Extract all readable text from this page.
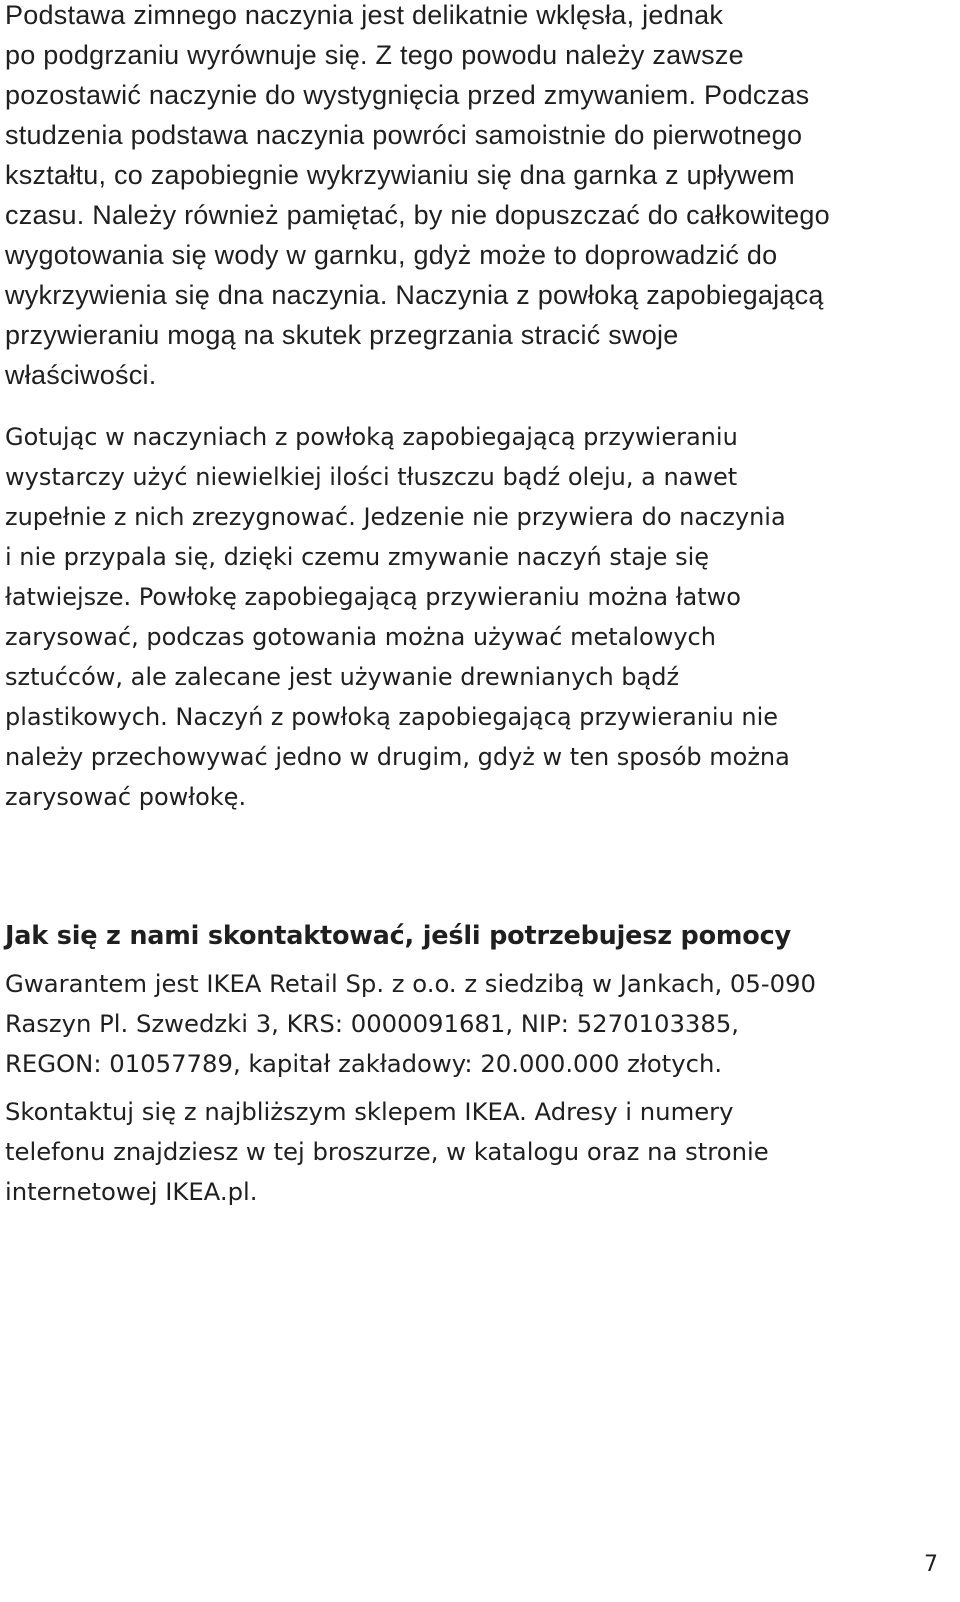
Podstawa zimnego naczynia jest delikatnie wklęsła, jednak
po podgrzaniu wyrównuje się. Z tego powodu należy zawsze
pozostawić naczynie do wystygnięcia przed zmywaniem. Podczas
studzenia podstawa naczynia powróci samoistnie do pierwotnego
kształtu, co zapobiegnie wykrzywianiu się dna garnka z upływem
czasu. Należy również pamiętać, by nie dopuszczać do całkowitego
wygotowania się wody w garnku, gdyż może to doprowadzić do
wykrzywienia się dna naczynia. Naczynia z powłoką zapobiegającą
przywieraniu mogą na skutek przegrzania stracić swoje
właściwości.

Gotując w naczyniach z powłoką zapobiegającą przywieraniu
wystarczy użyć niewielkiej ilości tłuszczu bądź oleju, a nawet
zupełnie z nich zrezygnować. Jedzenie nie przywiera do naczynia
i nie przypala się, dzięki czemu zmywanie naczyń staje się
łatwiejsze. Powłokę zapobiegającą przywieraniu można łatwo
zarysować, podczas gotowania można używać metalowych
sztućców, ale zalecane jest używanie drewnianych bądź
plastikowych. Naczyń z powłoką zapobiegającą przywieraniu nie
należy przechowywać jedno w drugim, gdyż w ten sposób można
zarysować powłokę.

Jak się z nami skontaktować, jeśli potrzebujesz pomocy

Gwarantem jest IKEA Retail Sp. z o.o. z siedzibą w Jankach, 05-090
Raszyn Pl. Szwedzki 3, KRS: 0000091681, NIP: 5270103385,
REGON: 01057789, kapitał zakładowy: 20.000.000 złotych.

Skontaktuj się z najbliższym sklepem IKEA. Adresy i numery
telefonu znajdziesz w tej broszurze, w katalogu oraz na stronie
internetowej IKEA.pl.

7
